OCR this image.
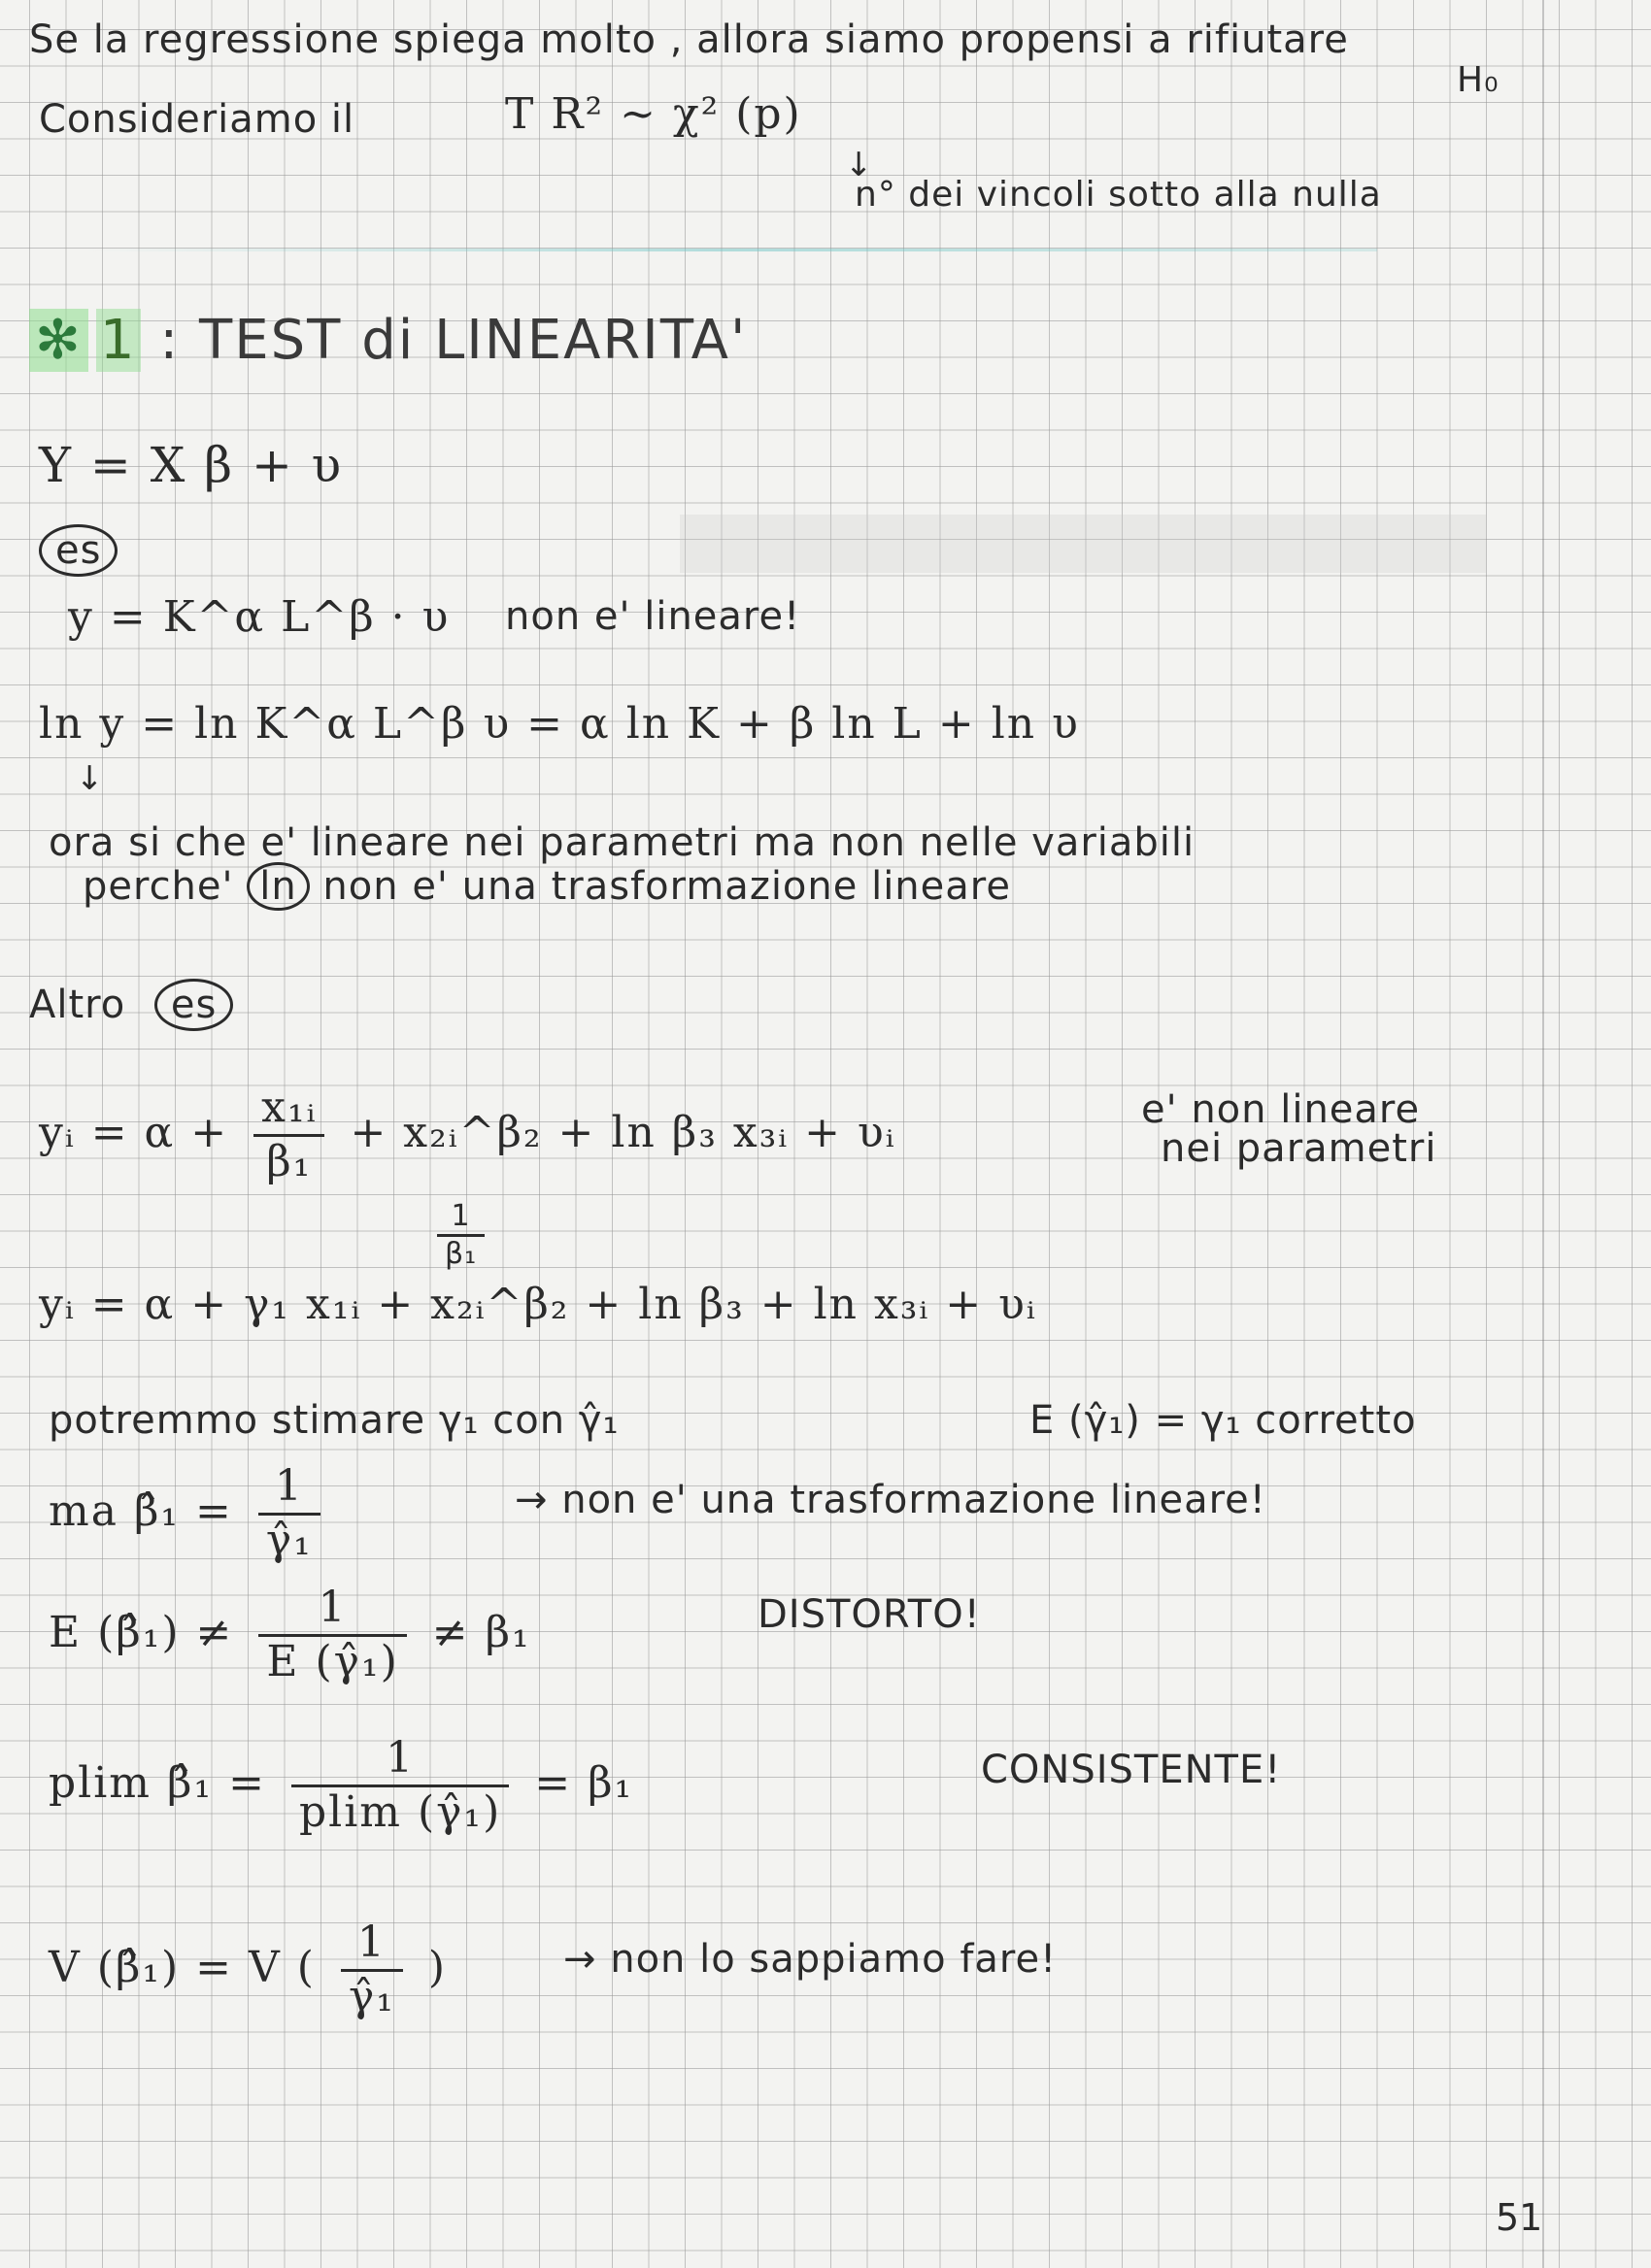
Se la regressione spiega molto , allora siamo propensi a rifiutare
H₀
Consideriamo il	T R² ~ χ² (p)
↓
n° dei vincoli sotto alla nulla
✻ 1 : TEST di LINEARITA'
Y = X β + υ
es
y = K^α L^β · υ non e' lineare!
ln y = ln K^α L^β υ = α ln K + β ln L + ln υ
↓
ora si che e' lineare nei parametri ma non nelle variabili
perche' ln non e' una trasformazione lineare
Altro es
yᵢ = $\alpha + \frac{\text{x₁ᵢ}}{\text{β₁}}$ + x₂ᵢ^β₂ + ln β₃ x₃ᵢ + υᵢ	e' non lineare
nei parametri
$\frac{1}{\text{β₁}}$
yᵢ = α + γ₁ x₁ᵢ + x₂ᵢ^β₂ + ln β₃ + ln x₃ᵢ + υᵢ
potremmo stimare γ₁ con γ̂₁	E (γ̂₁) = γ₁ corretto
ma β̂₁ = $\frac{1}{\text{γ̂₁}}$	→ non e' una trasformazione lineare!
E (β̂₁) ≠ $\frac{1}{\text{E (γ̂₁)}} \ne \beta_1$	DISTORTO!
plim β̂₁ = $\frac{1}{\text{plim (γ̂₁)}} = \beta_1$	CONSISTENTE!
V (β̂₁) = V ( $\frac{1}{\text{γ̂₁}}$ )	→ non lo sappiamo fare!
51
